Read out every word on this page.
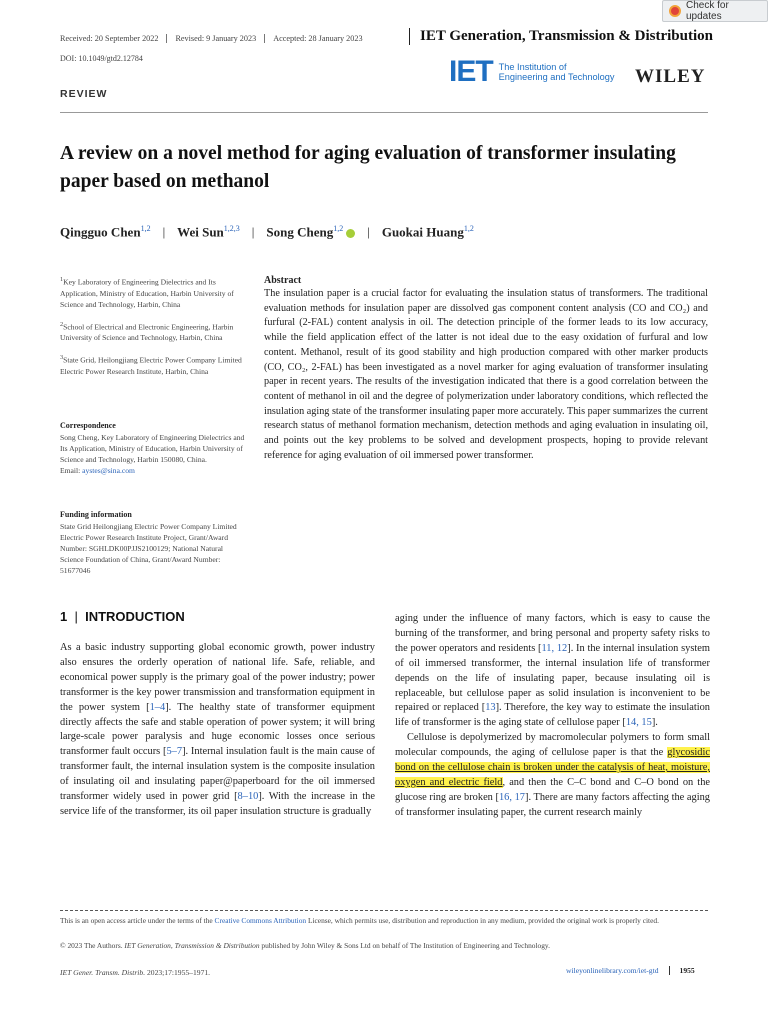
Check for updates
Received: 20 September 2022	Revised: 9 January 2023	Accepted: 28 January 2023	IET Generation, Transmission & Distribution
DOI: 10.1049/gtd2.12784	IET The Institution of
Engineering and Technology WILEY
REVIEW
A review on a novel method for aging evaluation of transformer insulating paper based on methanol
Qingguo Chen$^{1,2}$ | Wei Sun$^{1,2,3}$ | Song Cheng$^{1,2}$	| Guokai Huang$^{1,2}$

$^1$Key Laboratory of Engineering Dielectrics and Its Application, Ministry of Education, Harbin University of Science and Technology, Harbin, China

$^2$School of Electrical and Electronic Engineering, Harbin University of Science and Technology, Harbin, China

$^3$State Grid, Heilongjiang Electric Power Company Limited Electric Power Research Institute, Harbin, China

Correspondence
Song Cheng, Key Laboratory of Engineering Dielectrics and Its Application, Ministry of Education, Harbin University of Science and Technology, Harbin 150080, China.
Email: aystes@sina.com
Funding information
State Grid Heilongjiang Electric Power Company Limited Electric Power Research Institute Project, Grant/Award Number: SGHLDK00PJJS2100129; National Natural Science Foundation of China, Grant/Award Number: 51677046
Abstract
The insulation paper is a crucial factor for evaluating the insulation status of transformers. The traditional evaluation methods for insulation paper are dissolved gas component content analysis (CO and CO₂) and furfural (2-FAL) content analysis in oil. The detection principle of the former leads to its low accuracy, while the field application effect of the latter is not ideal due to the easy oxidation of furfural and low content. Methanol, result of its good stability and high production compared with other marker products (CO, CO₂, 2-FAL) has been investigated as a novel marker for aging evaluation of transformer insulating paper in recent years. The results of the investigation indicated that there is a good correlation between the content of methanol in oil and the degree of polymerization under laboratory conditions, which reflected the insulation aging state of the transformer insulating paper more accurately. This paper summarizes the current research status of methanol formation mechanism, detection methods and aging evaluation in insulating oil, and points out the key problems to be solved and development prospects, hoping to provide relevant reference for aging evaluation of oil immersed power transformer.
1 | INTRODUCTION

As a basic industry supporting global economic growth, power industry also ensures the orderly operation of national life. Safe, reliable, and economical power supply is the primary goal of the power industry; power transformer is the key power transmission and transformation equipment in the power system [1–4]. The healthy state of transformer equipment directly affects the safe and stable operation of power system; it will bring large-scale power paralysis and huge economic losses once serious transformer fault occurs [5–7]. Internal insulation fault is the main cause of transformer fault, the internal insulation system is the composite insulation of insulating oil and insulating paper@paperboard for the oil immersed transformer widely used in power grid [8–10]. With the increase in the service life of the transformer, its oil paper insulation structure is gradually

aging under the influence of many factors, which is easy to cause the burning of the transformer, and bring personal and property safety risks to the power operators and residents [11, 12]. In the internal insulation system of oil immersed transformer, the internal insulation life of transformer depends on the life of insulating paper, because insulating oil is replaceable, but cellulose paper as solid insulation is inconvenient to be repaired or replaced [13]. Therefore, the key way to estimate the insulation life of transformer is the aging state of cellulose paper [14, 15].

Cellulose is depolymerized by macromolecular polymers to form small molecular compounds, the aging of cellulose paper is that the glycosidic bond on the cellulose chain is broken under the catalysis of heat, moisture, oxygen and electric field, and then the C–C bond and C–O bond on the glucose ring are broken [16, 17]. There are many factors affecting the aging of transformer insulating paper, the current research mainly

This is an open access article under the terms of the Creative Commons Attribution License, which permits use, distribution and reproduction in any medium, provided the original work is properly cited.
© 2023 The Authors. IET Generation, Transmission & Distribution published by John Wiley & Sons Ltd on behalf of The Institution of Engineering and Technology.
IET Gener. Transm. Distrib. 2023;17:1955–1971.	wileyonlinelibrary.com/iet-gtd	1955
